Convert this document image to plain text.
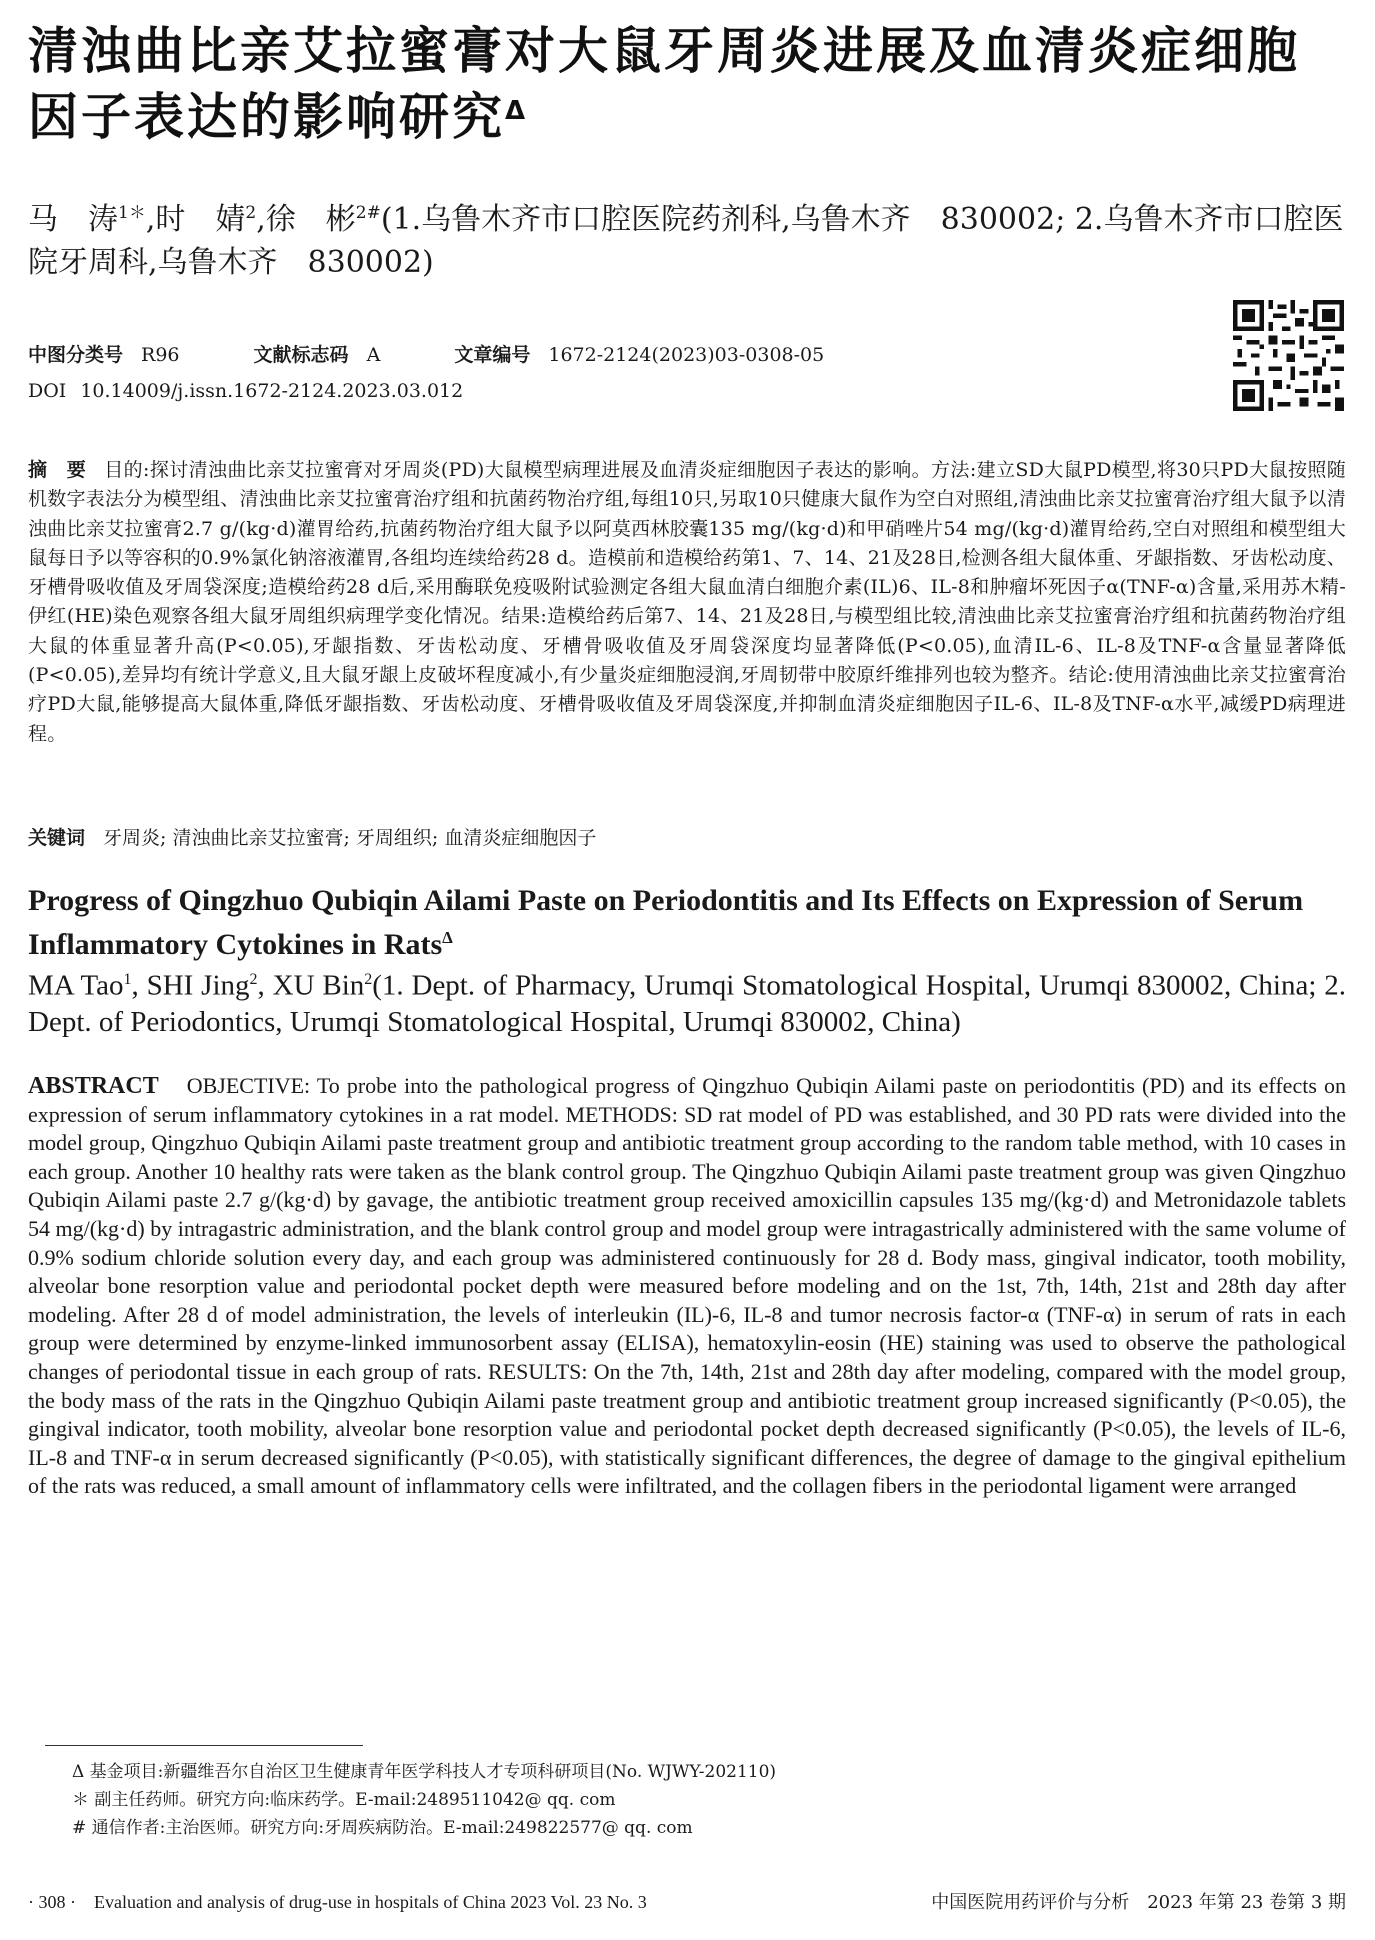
清浊曲比亲艾拉蜜膏对大鼠牙周炎进展及血清炎症细胞因子表达的影响研究$^\Delta$
马　涛$^{1*}$,时　婧$^2$,徐　彬$^{2\#}$(1.乌鲁木齐市口腔医院药剂科,乌鲁木齐　830002; 2.乌鲁木齐市口腔医院牙周科,乌鲁木齐　830002)
中图分类号 R96	文献标志码 A	文章编号 1672-2124(2023)03-0308-05
DOI 10.14009/j.issn.1672-2124.2023.03.012
摘　要 目的:探讨清浊曲比亲艾拉蜜膏对牙周炎(PD)大鼠模型病理进展及血清炎症细胞因子表达的影响。方法:建立SD大鼠PD模型,将30只PD大鼠按照随机数字表法分为模型组、清浊曲比亲艾拉蜜膏治疗组和抗菌药物治疗组,每组10只,另取10只健康大鼠作为空白对照组,清浊曲比亲艾拉蜜膏治疗组大鼠予以清浊曲比亲艾拉蜜膏2.7 g/(kg·d)灌胃给药,抗菌药物治疗组大鼠予以阿莫西林胶囊135 mg/(kg·d)和甲硝唑片54 mg/(kg·d)灌胃给药,空白对照组和模型组大鼠每日予以等容积的0.9%氯化钠溶液灌胃,各组均连续给药28 d。造模前和造模给药第1、7、14、21及28日,检测各组大鼠体重、牙龈指数、牙齿松动度、牙槽骨吸收值及牙周袋深度;造模给药28 d后,采用酶联免疫吸附试验测定各组大鼠血清白细胞介素(IL)6、IL-8和肿瘤坏死因子α(TNF-α)含量,采用苏木精-伊红(HE)染色观察各组大鼠牙周组织病理学变化情况。结果:造模给药后第7、14、21及28日,与模型组比较,清浊曲比亲艾拉蜜膏治疗组和抗菌药物治疗组大鼠的体重显著升高(P<0.05),牙龈指数、牙齿松动度、牙槽骨吸收值及牙周袋深度均显著降低(P<0.05),血清IL-6、IL-8及TNF-α含量显著降低(P<0.05),差异均有统计学意义,且大鼠牙龈上皮破坏程度减小,有少量炎症细胞浸润,牙周韧带中胶原纤维排列也较为整齐。结论:使用清浊曲比亲艾拉蜜膏治疗PD大鼠,能够提高大鼠体重,降低牙龈指数、牙齿松动度、牙槽骨吸收值及牙周袋深度,并抑制血清炎症细胞因子IL-6、IL-8及TNF-α水平,减缓PD病理进程。
关键词 牙周炎; 清浊曲比亲艾拉蜜膏; 牙周组织; 血清炎症细胞因子
Progress of Qingzhuo Qubiqin Ailami Paste on Periodontitis and Its Effects on Expression of Serum Inflammatory Cytokines in Rats$^\Delta$
MA Tao$^1$, SHI Jing$^2$, XU Bin$^2$(1. Dept. of Pharmacy, Urumqi Stomatological Hospital, Urumqi 830002, China; 2. Dept. of Periodontics, Urumqi Stomatological Hospital, Urumqi 830002, China)
ABSTRACT OBJECTIVE: To probe into the pathological progress of Qingzhuo Qubiqin Ailami paste on periodontitis (PD) and its effects on expression of serum inflammatory cytokines in a rat model. METHODS: SD rat model of PD was established, and 30 PD rats were divided into the model group, Qingzhuo Qubiqin Ailami paste treatment group and antibiotic treatment group according to the random table method, with 10 cases in each group. Another 10 healthy rats were taken as the blank control group. The Qingzhuo Qubiqin Ailami paste treatment group was given Qingzhuo Qubiqin Ailami paste 2.7 g/(kg·d) by gavage, the antibiotic treatment group received amoxicillin capsules 135 mg/(kg·d) and Metronidazole tablets 54 mg/(kg·d) by intragastric administration, and the blank control group and model group were intragastrically administered with the same volume of 0.9% sodium chloride solution every day, and each group was administered continuously for 28 d. Body mass, gingival indicator, tooth mobility, alveolar bone resorption value and periodontal pocket depth were measured before modeling and on the 1st, 7th, 14th, 21st and 28th day after modeling. After 28 d of model administration, the levels of interleukin (IL)-6, IL-8 and tumor necrosis factor-α (TNF-α) in serum of rats in each group were determined by enzyme-linked immunosorbent assay (ELISA), hematoxylin-eosin (HE) staining was used to observe the pathological changes of periodontal tissue in each group of rats. RESULTS: On the 7th, 14th, 21st and 28th day after modeling, compared with the model group, the body mass of the rats in the Qingzhuo Qubiqin Ailami paste treatment group and antibiotic treatment group increased significantly (P<0.05), the gingival indicator, tooth mobility, alveolar bone resorption value and periodontal pocket depth decreased significantly (P<0.05), the levels of IL-6, IL-8 and TNF-α in serum decreased significantly (P<0.05), with statistically significant differences, the degree of damage to the gingival epithelium of the rats was reduced, a small amount of inflammatory cells were infiltrated, and the collagen fibers in the periodontal ligament were arranged
Δ 基金项目:新疆维吾尔自治区卫生健康青年医学科技人才专项科研项目(No. WJWY-202110)
＊ 副主任药师。研究方向:临床药学。E-mail:2489511042@ qq. com
# 通信作者:主治医师。研究方向:牙周疾病防治。E-mail:249822577@ qq. com
· 308 ·　Evaluation and analysis of drug-use in hospitals of China 2023 Vol. 23 No. 3	中国医院用药评价与分析　2023 年第 23 卷第 3 期
